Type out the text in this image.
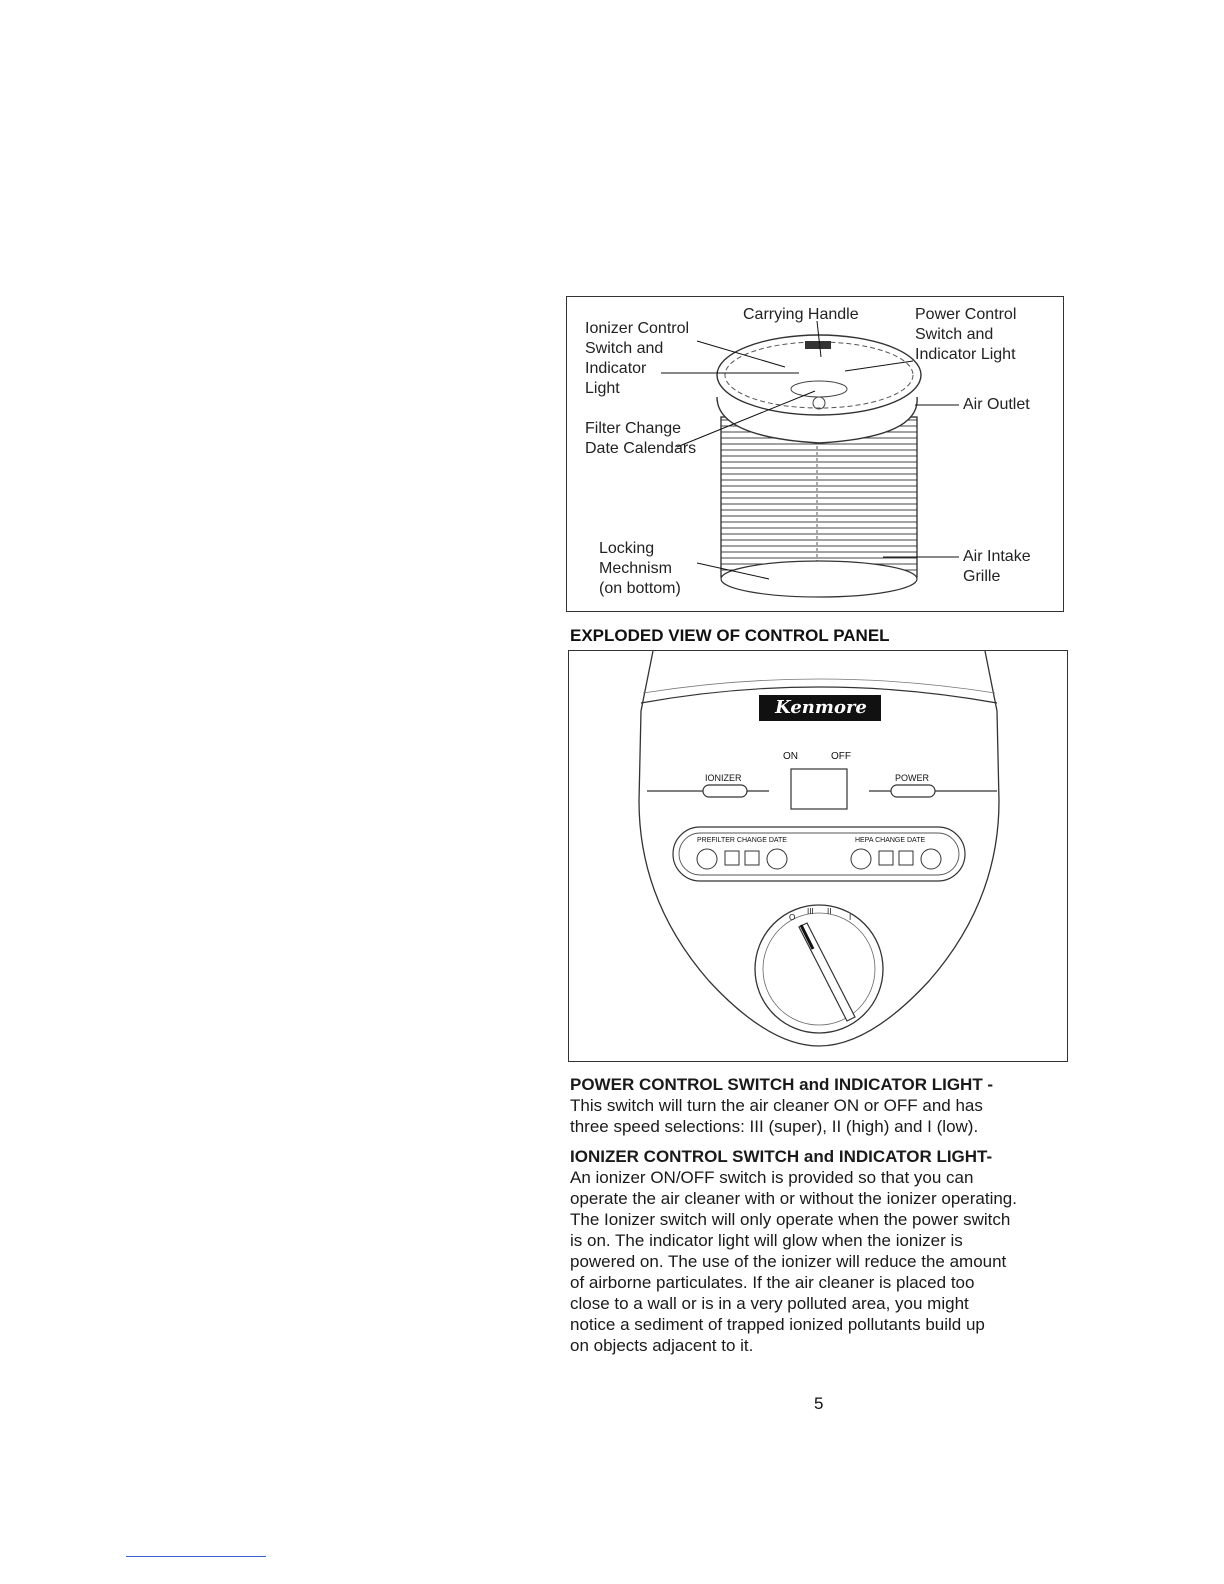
Carrying Handle
Ionizer Control
Switch and
Indicator
Light
Power Control
Switch and
Indicator Light
Air Outlet
Filter Change
Date Calendars
Locking
Mechnism
(on bottom)
Air Intake
Grille
EXPLODED VIEW OF CONTROL PANEL
Kenmore
ON	OFF
IONIZER	POWER
PREFILTER CHANGE DATE	HEPA CHANGE DATE
O
III II
I
POWER CONTROL SWITCH and INDICATOR LIGHT -
This switch will turn the air cleaner ON or OFF and has
three speed selections: III (super), II (high) and I (low).
IONIZER CONTROL SWITCH and INDICATOR LIGHT-
An ionizer ON/OFF switch is provided so that you can
operate the air cleaner with or without the ionizer operating.
The Ionizer switch will only operate when the power switch
is on. The indicator light will glow when the ionizer is
powered on. The use of the ionizer will reduce the amount
of airborne particulates. If the air cleaner is placed too
close to a wall or is in a very polluted area, you might
notice a sediment of trapped ionized pollutants build up
on objects adjacent to it.
5
